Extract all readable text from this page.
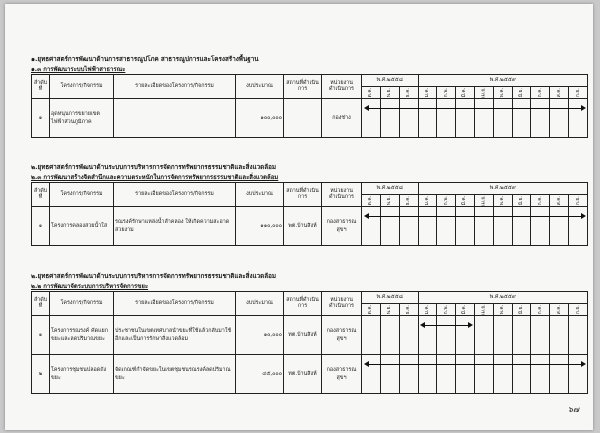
๑.ยุทธศาสตร์การพัฒนาด้านการสาธารณูปโภค สาธารณูปการและโครงสร้างพื้นฐาน
๑.๓ การพัฒนาระบบไฟฟ้าสาธารณะ
ลำดับที่	โครงการ/กิจกรรม	รายละเอียดของโครงการ/กิจกรรม	งบประมาณ	สถานที่ดำเนินการ	หน่วยงานดำเนินการ	พ.ศ.๒๕๕๘			พ.ศ.๒๕๕๙								
						ต.ค.	พ.ย.	ธ.ค.	ม.ค.	ก.พ.	มี.ค.	เม.ย.	พ.ค.	มิ.ย.	ก.ค.	ส.ค.	ก.ย.
๑	อุดหนุนการขยายเขตไฟฟ้าส่วนภูมิภาค		๑๐๐,๐๐๐		กองช่าง												
๒.ยุทธศาสตร์การพัฒนาด้านระบบการบริหารการจัดการทรัพยากรธรรมชาติและสิ่งแวดล้อม
๒.๓ การพัฒนาสร้างจิตสำนึกและความตระหนักในการจัดการทรัพยากรธรรมชาติและสิ่งแวดล้อม
ลำดับที่	โครงการ/กิจกรรม	รายละเอียดของโครงการ/กิจกรรม	งบประมาณ	สถานที่ดำเนินการ	หน่วยงานดำเนินการ	พ.ศ.๒๕๕๘			พ.ศ.๒๕๕๙								
						ต.ค.	พ.ย.	ธ.ค.	ม.ค.	ก.พ.	มี.ค.	เม.ย.	พ.ค.	มิ.ย.	ก.ค.	ส.ค.	ก.ย.
๑	โครงการคลองสวยน้ำใส	รณรงค์รักษาแหล่งน้ำลำคลอง ให้เกิดความสะอาดสวยงาม	๑๑๐,๐๐๐	พต.บ้านสิงห์	กองสาธารณสุขฯ												
๒.ยุทธศาสตร์การพัฒนาด้านระบบการบริหารการจัดการทรัพยากรธรรมชาติและสิ่งแวดล้อม
๒.๒ การพัฒนาจัดระบบการบริหารจัดการขยะ
ลำดับที่	โครงการ/กิจกรรม	รายละเอียดของโครงการ/กิจกรรม	งบประมาณ	สถานที่ดำเนินการ	หน่วยงานดำเนินการ	พ.ศ.๒๕๕๘			พ.ศ.๒๕๕๙								
						ต.ค.	พ.ย.	ธ.ค.	ม.ค.	ก.พ.	มี.ค.	เม.ย.	พ.ค.	มิ.ย.	ก.ค.	ส.ค.	ก.ย.
๑	โครงการรณรงค์ คัดแยกขยะและลดปริมาณขยะ	ประชาชนในเขตเทศบาลนำขยะที่ใช้แล้วกลับมาใช้อีกและเป็นการรักษาสิ่งแวดล้อม	๑๐,๐๐๐	ทต.บ้านสิงห์	กองสาธารณสุขฯ												
๒	โครงการชุมชนปลอดถังขยะ	จัดเกณฑ์กำจัดขยะในเขตชุมชนรณรงค์ลดปริมาณขยะ	๔๕,๐๐๐	ทต.บ้านสิงห์	กองสาธารณสุขฯ												
๖๗
